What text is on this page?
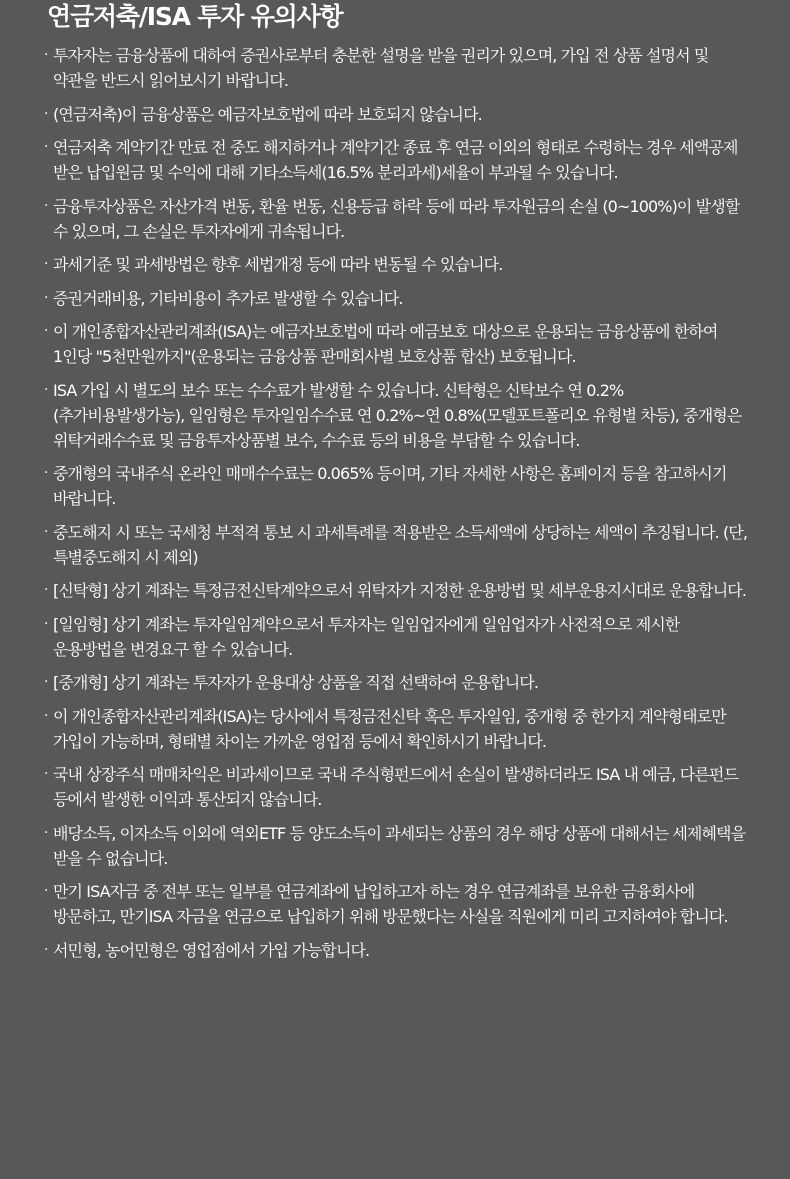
연금저축/ISA 투자 유의사항
· 투자자는 금융상품에 대하여 증권사로부터 충분한 설명을 받을 권리가 있으며, 가입 전 상품 설명서 및 약관을 반드시 읽어보시기 바랍니다.
· (연금저축)이 금융상품은 예금자보호법에 따라 보호되지 않습니다.
· 연금저축 계약기간 만료 전 중도 해지하거나 계약기간 종료 후 연금 이외의 형태로 수령하는 경우 세액공제 받은 납입원금 및 수익에 대해 기타소득세(16.5% 분리과세)세율이 부과될 수 있습니다.
· 금융투자상품은 자산가격 변동, 환율 변동, 신용등급 하락 등에 따라 투자원금의 손실 (0~100%)이 발생할 수 있으며, 그 손실은 투자자에게 귀속됩니다.
· 과세기준 및 과세방법은 향후 세법개정 등에 따라 변동될 수 있습니다.
· 증권거래비용, 기타비용이 추가로 발생할 수 있습니다.
· 이 개인종합자산관리계좌(ISA)는 예금자보호법에 따라 예금보호 대상으로 운용되는 금융상품에 한하여 1인당 "5천만원까지"(운용되는 금융상품 판매회사별 보호상품 합산) 보호됩니다.
· ISA 가입 시 별도의 보수 또는 수수료가 발생할 수 있습니다. 신탁형은 신탁보수 연 0.2%(추가비용발생가능), 일임형은 투자일임수수료 연 0.2%~연 0.8%(모델포트폴리오 유형별 차등), 중개형은 위탁거래수수료 및 금융투자상품별 보수, 수수료 등의 비용을 부담할 수 있습니다.
· 중개형의 국내주식 온라인 매매수수료는 0.065% 등이며, 기타 자세한 사항은 홈페이지 등을 참고하시기 바랍니다.
· 중도해지 시 또는 국세청 부적격 통보 시 과세특례를 적용받은 소득세액에 상당하는 세액이 추징됩니다. (단, 특별중도해지 시 제외)
· [신탁형] 상기 계좌는 특정금전신탁계약으로서 위탁자가 지정한 운용방법 및 세부운용지시대로 운용합니다.
· [일임형] 상기 계좌는 투자일임계약으로서 투자자는 일임업자에게 일임업자가 사전적으로 제시한 운용방법을 변경요구 할 수 있습니다.
· [중개형] 상기 계좌는 투자자가 운용대상 상품을 직접 선택하여 운용합니다.
· 이 개인종합자산관리계좌(ISA)는 당사에서 특정금전신탁 혹은 투자일임, 중개형 중 한가지 계약형태로만 가입이 가능하며, 형태별 차이는 가까운 영업점 등에서 확인하시기 바랍니다.
· 국내 상장주식 매매차익은 비과세이므로 국내 주식형펀드에서 손실이 발생하더라도 ISA 내 예금, 다른펀드 등에서 발생한 이익과 통산되지 않습니다.
· 배당소득, 이자소득 이외에 역외ETF 등 양도소득이 과세되는 상품의 경우 해당 상품에 대해서는 세제혜택을 받을 수 없습니다.
· 만기 ISA자금 중 전부 또는 일부를 연금계좌에 납입하고자 하는 경우 연금계좌를 보유한 금융회사에 방문하고, 만기ISA 자금을 연금으로 납입하기 위해 방문했다는 사실을 직원에게 미리 고지하여야 합니다.
· 서민형, 농어민형은 영업점에서 가입 가능합니다.
